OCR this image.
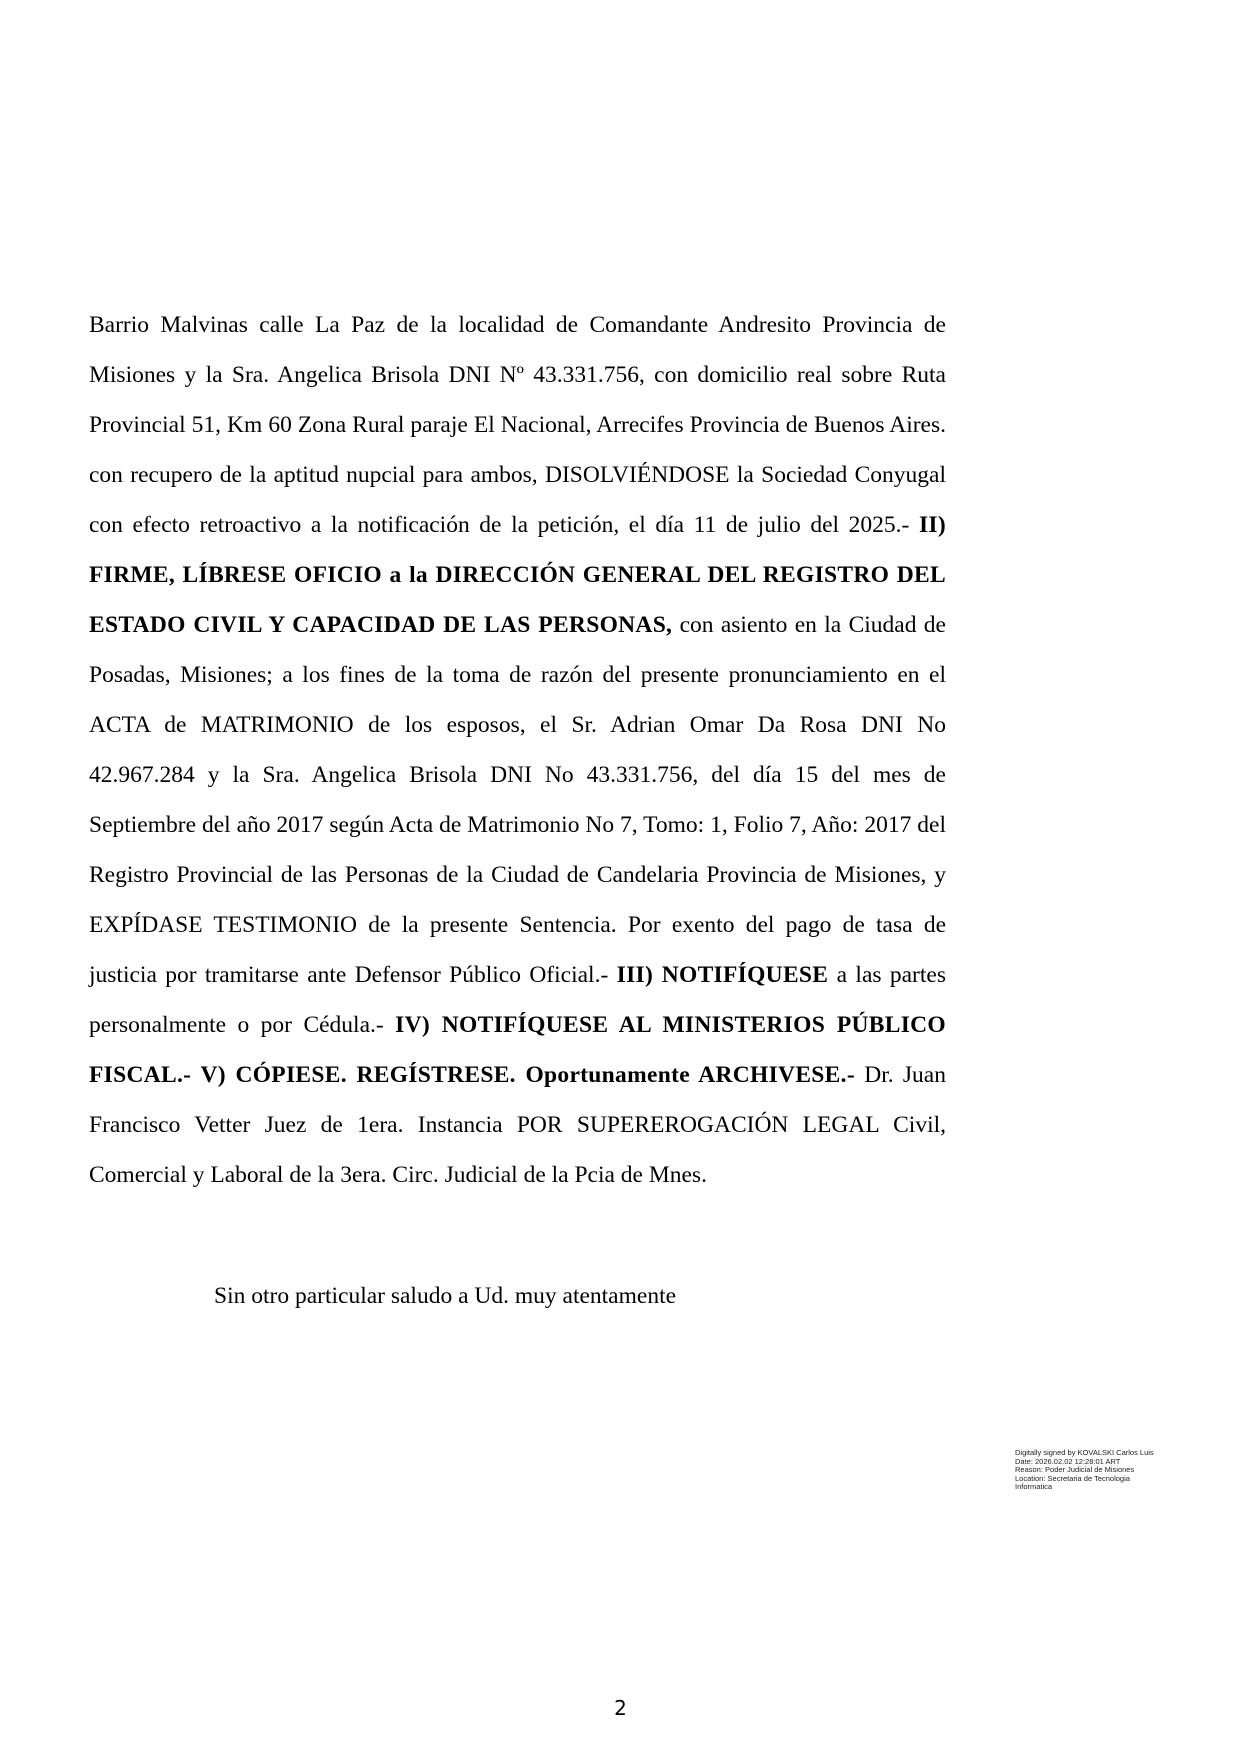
Barrio Malvinas calle La Paz de la localidad de Comandante Andresito Provincia de Misiones y la Sra. Angelica Brisola DNI Nº 43.331.756, con domicilio real sobre Ruta Provincial 51, Km 60 Zona Rural paraje El Nacional, Arrecifes Provincia de Buenos Aires. con recupero de la aptitud nupcial para ambos, DISOLVIÉNDOSE la Sociedad Conyugal con efecto retroactivo a la notificación de la petición, el día 11 de julio del 2025.- II) FIRME, LÍBRESE OFICIO a la DIRECCIÓN GENERAL DEL REGISTRO DEL ESTADO CIVIL Y CAPACIDAD DE LAS PERSONAS, con asiento en la Ciudad de Posadas, Misiones; a los fines de la toma de razón del presente pronunciamiento en el ACTA de MATRIMONIO de los esposos, el Sr. Adrian Omar Da Rosa DNI No 42.967.284 y la Sra. Angelica Brisola DNI No 43.331.756, del día 15 del mes de Septiembre del año 2017 según Acta de Matrimonio No 7, Tomo: 1, Folio 7, Año: 2017 del Registro Provincial de las Personas de la Ciudad de Candelaria Provincia de Misiones, y EXPÍDASE TESTIMONIO de la presente Sentencia. Por exento del pago de tasa de justicia por tramitarse ante Defensor Público Oficial.- III) NOTIFÍQUESE a las partes personalmente o por Cédula.- IV) NOTIFÍQUESE AL MINISTERIOS PÚBLICO FISCAL.- V) CÓPIESE. REGÍSTRESE. Oportunamente ARCHIVESE.- Dr. Juan Francisco Vetter Juez de 1era. Instancia POR SUPEREROGACIÓN LEGAL Civil, Comercial y Laboral de la 3era. Circ. Judicial de la Pcia de Mnes.

Sin otro particular saludo a Ud. muy atentamente

Digitally signed by KOVALSKI Carlos Luis
Date: 2026.02.02 12:28:01 ART
Reason: Poder Judicial de Misiones
Location: Secretaria de Tecnologia
Informatica
2
